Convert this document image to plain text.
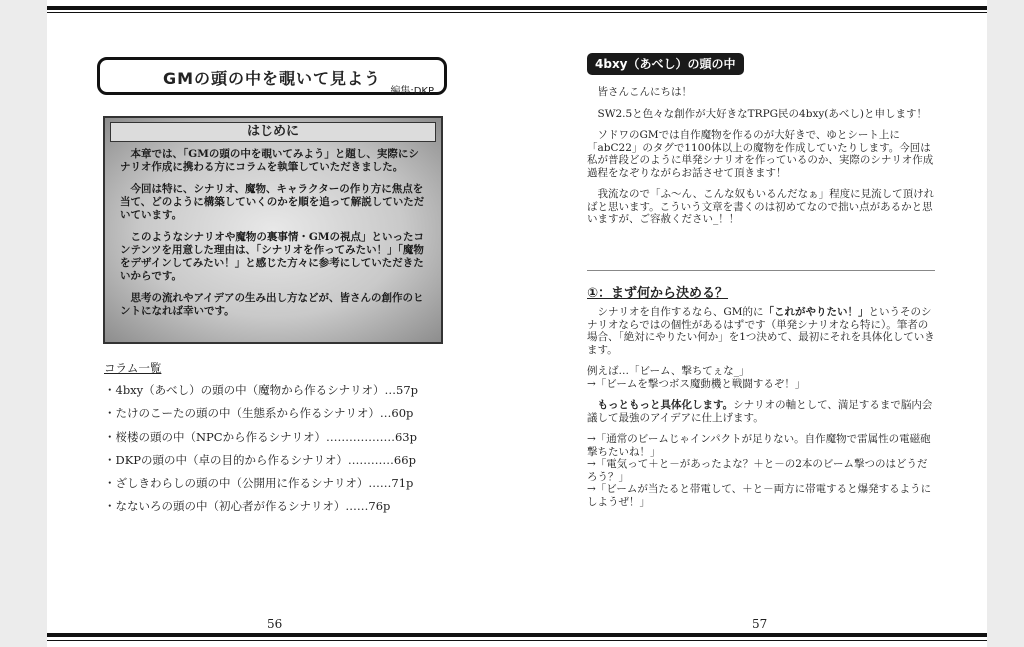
GMの頭の中を覗いて見よう
編集:DKP
はじめに

本章では、「GMの頭の中を覗いてみよう」と題し、実際にシナリオ作成に携わる方にコラムを執筆していただきました。

今回は特に、シナリオ、魔物、キャラクターの作り方に焦点を当て、どのように構築していくのかを順を追って解説していただいています。

このようなシナリオや魔物の裏事情・GMの視点」といったコンテンツを用意した理由は、「シナリオを作ってみたい！」「魔物をデザインしてみたい！」と感じた方々に参考にしていただきたいからです。

思考の流れやアイデアの生み出し方などが、皆さんの創作のヒントになれば幸いです。

コラム一覧
・4bxy（あべし）の頭の中（魔物から作るシナリオ）…57p
・たけのこーたの頭の中（生態系から作るシナリオ）…60p
・桜楼の頭の中（NPCから作るシナリオ）………………63p
・DKPの頭の中（卓の目的から作るシナリオ）…………66p
・ざしきわらしの頭の中（公開用に作るシナリオ）……71p
・なないろの頭の中（初心者が作るシナリオ）……76p
56
4bxy（あべし）の頭の中

皆さんこんにちは！

SW2.5と色々な創作が大好きなTRPG民の4bxy(あべし)と申します！

ソドワのGMでは自作魔物を作るのが大好きで、ゆとシート上に「abC22」のタグで1100体以上の魔物を作成していたりします。今回は私が普段どのように単発シナリオを作っているのか、実際のシナリオ作成過程をなぞりながらお話させて頂きます！

我流なので「ふ〜ん、こんな奴もいるんだなぁ」程度に見流して頂ければと思います。こういう文章を書くのは初めてなので拙い点があるかと思いますが、ご容赦ください_！！

①：まず何から決める？

シナリオを自作するなら、GM的に「これがやりたい！」というそのシナリオならではの個性があるはずです（単発シナリオなら特に）。筆者の場合、「絶対にやりたい何か」を1つ決めて、最初にそれを具体化していきます。

例えば…「ビーム、撃ちてぇな_」

→「ビームを撃つボス魔動機と戦闘するぞ！」

もっともっと具体化します。シナリオの軸として、満足するまで脳内会議して最強のアイデアに仕上げます。

→「通常のビームじゃインパクトが足りない。自作魔物で雷属性の電磁砲撃ちたいね！」

→「電気って＋と－があったよな？＋と－の2本のビーム撃つのはどうだろう？」

→「ビームが当たると帯電して、＋と－両方に帯電すると爆発するようにしようぜ！」

57
